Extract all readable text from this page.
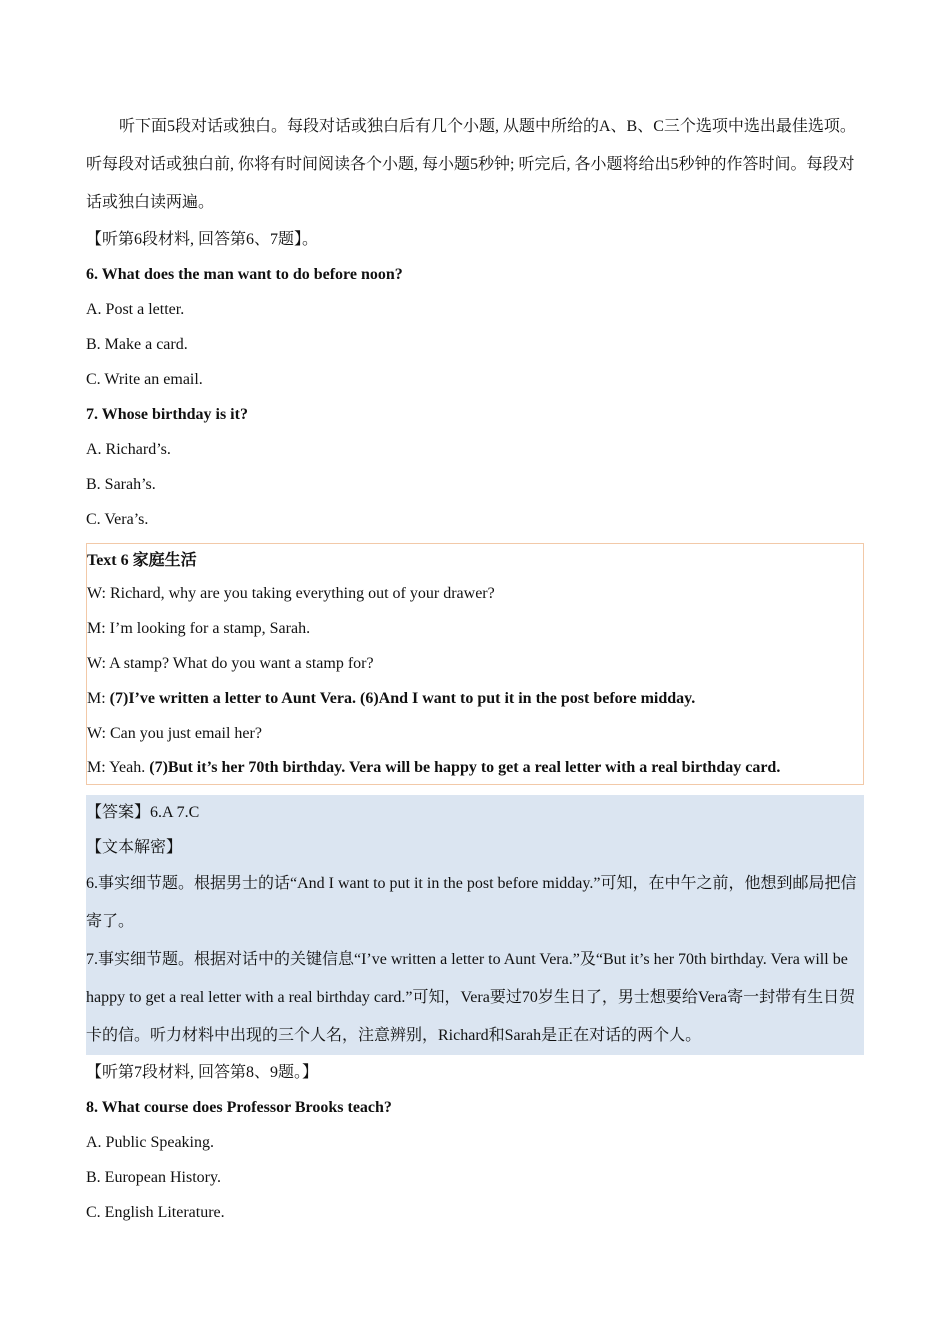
听下面5段对话或独白。每段对话或独白后有几个小题, 从题中所给的A、B、C三个选项中选出最佳选项。听每段对话或独白前, 你将有时间阅读各个小题, 每小题5秒钟; 听完后, 各小题将给出5秒钟的作答时间。每段对话或独白读两遍。

【听第6段材料, 回答第6、7题】。

6. What does the man want to do before noon?

A. Post a letter.

B. Make a card.

C. Write an email.

7. Whose birthday is it?

A. Richard’s.

B. Sarah’s.

C. Vera’s.

Text 6 家庭生活

W: Richard, why are you taking everything out of your drawer?

M: I’m looking for a stamp, Sarah.

W: A stamp? What do you want a stamp for?

M: (7)I’ve written a letter to Aunt Vera. (6)And I want to put it in the post before midday.

W: Can you just email her?

M: Yeah. (7)But it’s her 70th birthday. Vera will be happy to get a real letter with a real birthday card.

【答案】6.A 7.C

【文本解密】

6.事实细节题。根据男士的话“And I want to put it in the post before midday.”可知，在中午之前，他想到邮局把信寄了。

7.事实细节题。根据对话中的关键信息“I’ve written a letter to Aunt Vera.”及“But it’s her 70th birthday. Vera will be happy to get a real letter with a real birthday card.”可知，Vera要过70岁生日了，男士想要给Vera寄一封带有生日贺卡的信。听力材料中出现的三个人名，注意辨别，Richard和Sarah是正在对话的两个人。

【听第7段材料, 回答第8、9题。】

8. What course does Professor Brooks teach?

A. Public Speaking.

B. European History.

C. English Literature.
